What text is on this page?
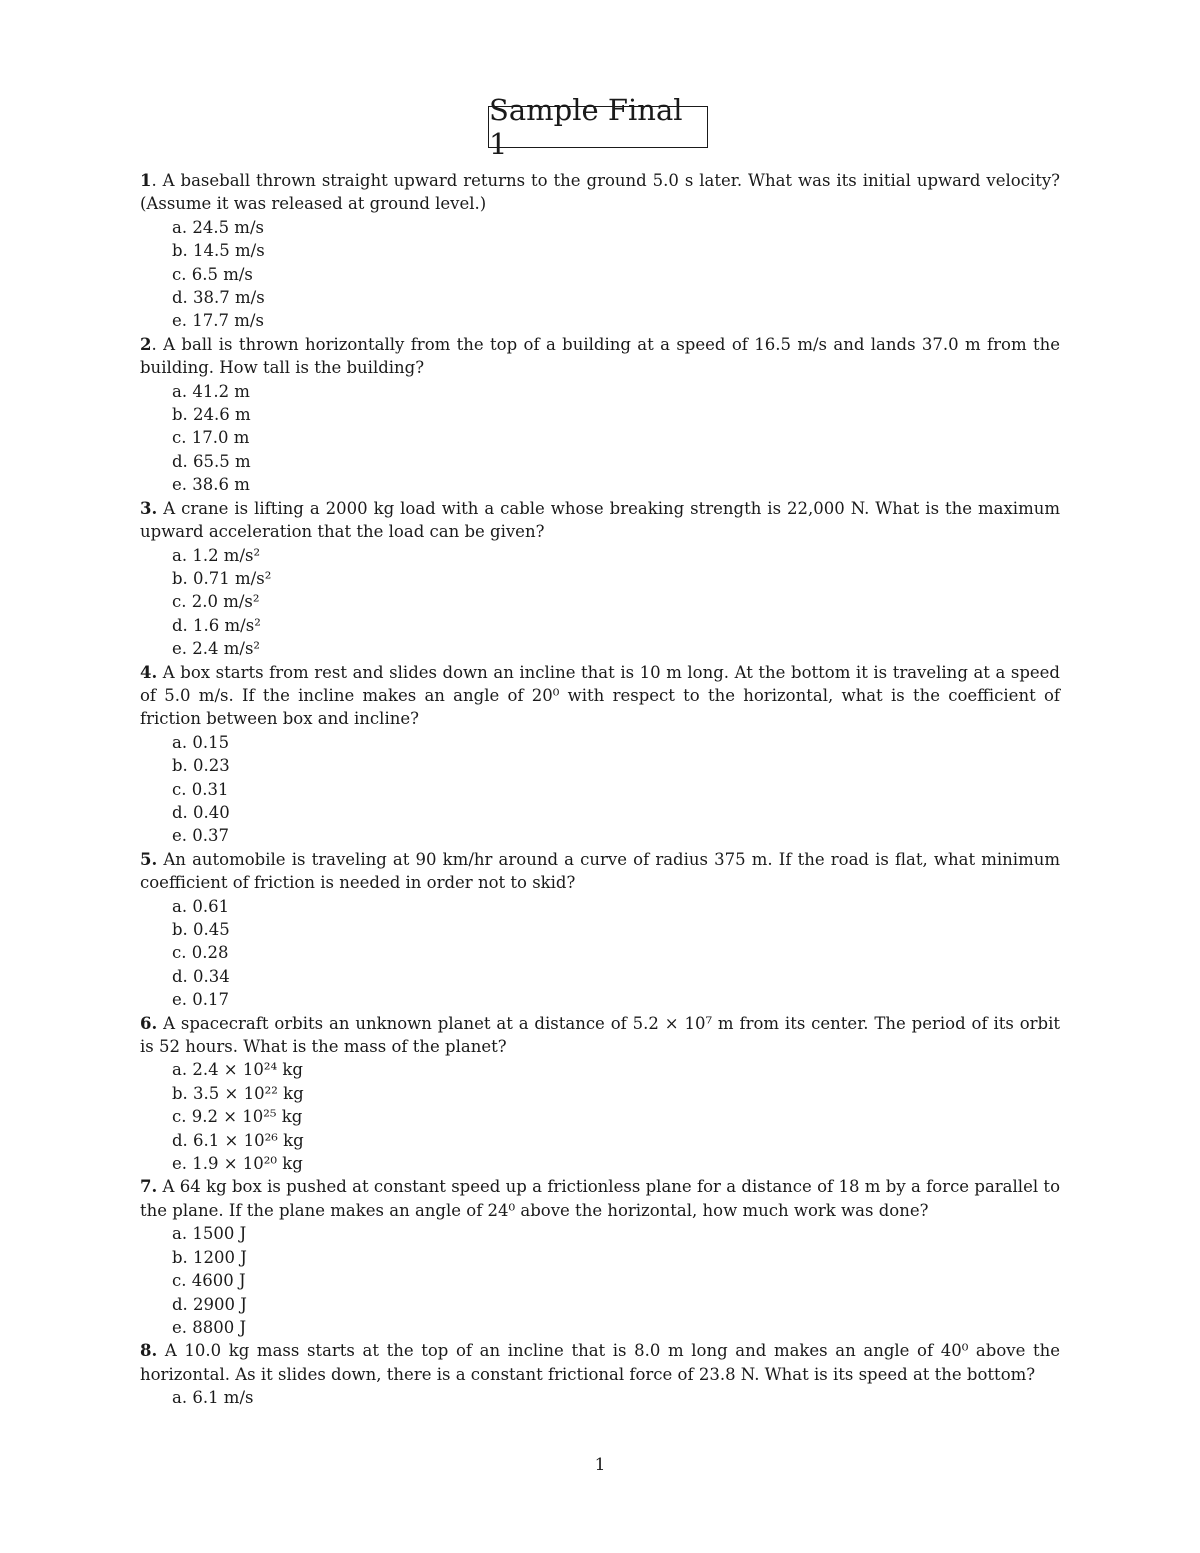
Sample Final 1
1. A baseball thrown straight upward returns to the ground 5.0 s later. What was its initial upward velocity? (Assume it was released at ground level.)
a. 24.5 m/s
b. 14.5 m/s
c. 6.5 m/s
d. 38.7 m/s
e. 17.7 m/s
2. A ball is thrown horizontally from the top of a building at a speed of 16.5 m/s and lands 37.0 m from the building. How tall is the building?
a. 41.2 m
b. 24.6 m
c. 17.0 m
d. 65.5 m
e. 38.6 m
3. A crane is lifting a 2000 kg load with a cable whose breaking strength is 22,000 N. What is the maximum upward acceleration that the load can be given?
a. 1.2 m/s²
b. 0.71 m/s²
c. 2.0 m/s²
d. 1.6 m/s²
e. 2.4 m/s²
4. A box starts from rest and slides down an incline that is 10 m long. At the bottom it is traveling at a speed of 5.0 m/s. If the incline makes an angle of 20⁰ with respect to the horizontal, what is the coefficient of friction between box and incline?
a. 0.15
b. 0.23
c. 0.31
d. 0.40
e. 0.37
5. An automobile is traveling at 90 km/hr around a curve of radius 375 m. If the road is flat, what minimum coefficient of friction is needed in order not to skid?
a. 0.61
b. 0.45
c. 0.28
d. 0.34
e. 0.17
6. A spacecraft orbits an unknown planet at a distance of 5.2 × 10⁷ m from its center. The period of its orbit is 52 hours. What is the mass of the planet?
a. 2.4 × 10²⁴ kg
b. 3.5 × 10²² kg
c. 9.2 × 10²⁵ kg
d. 6.1 × 10²⁶ kg
e. 1.9 × 10²⁰ kg
7. A 64 kg box is pushed at constant speed up a frictionless plane for a distance of 18 m by a force parallel to the plane. If the plane makes an angle of 24⁰ above the horizontal, how much work was done?
a. 1500 J
b. 1200 J
c. 4600 J
d. 2900 J
e. 8800 J
8. A 10.0 kg mass starts at the top of an incline that is 8.0 m long and makes an angle of 40⁰ above the horizontal. As it slides down, there is a constant frictional force of 23.8 N. What is its speed at the bottom?
a. 6.1 m/s
1
